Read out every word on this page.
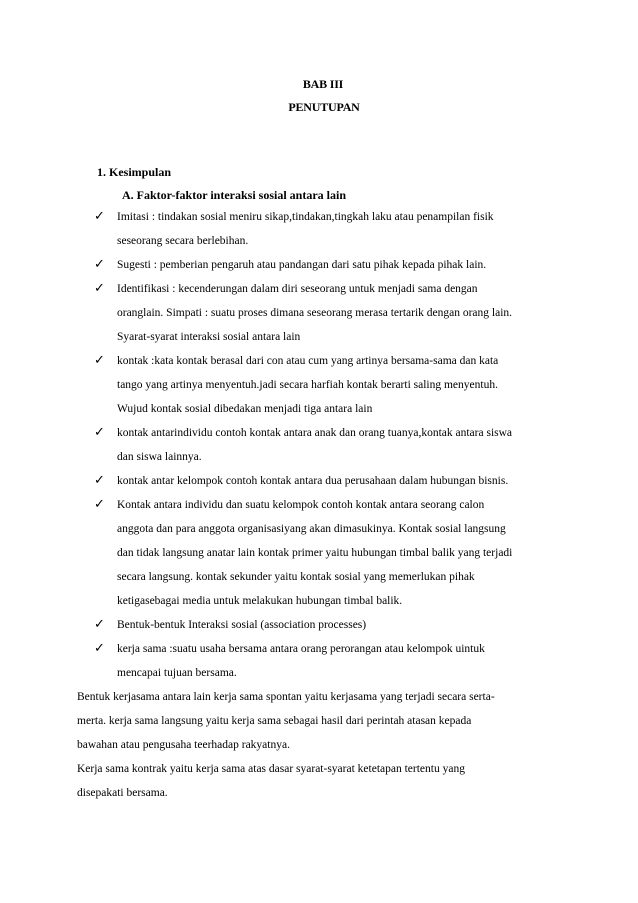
BAB III
PENUTUPAN
1. Kesimpulan
A. Faktor-faktor interaksi sosial antara lain
✓ Imitasi : tindakan sosial meniru sikap,tindakan,tingkah laku atau penampilan fisik
seseorang secara berlebihan.
✓ Sugesti : pemberian pengaruh atau pandangan dari satu pihak kepada pihak lain.
✓ Identifikasi : kecenderungan dalam diri seseorang untuk menjadi sama dengan
oranglain. Simpati : suatu proses dimana seseorang merasa tertarik dengan orang lain.
Syarat-syarat interaksi sosial antara lain
✓ kontak :kata kontak berasal dari con atau cum yang artinya bersama-sama dan kata
tango yang artinya menyentuh.jadi secara harfiah kontak berarti saling menyentuh.
Wujud kontak sosial dibedakan menjadi tiga antara lain
✓ kontak antarindividu contoh kontak antara anak dan orang tuanya,kontak antara siswa
dan siswa lainnya.
✓ kontak antar kelompok contoh kontak antara dua perusahaan dalam hubungan bisnis.
✓ Kontak antara individu dan suatu kelompok contoh kontak antara seorang calon
anggota dan para anggota organisasiyang akan dimasukinya. Kontak sosial langsung
dan tidak langsung anatar lain kontak primer yaitu hubungan timbal balik yang terjadi
secara langsung. kontak sekunder yaitu kontak sosial yang memerlukan pihak
ketigasebagai media untuk melakukan hubungan timbal balik.
✓ Bentuk-bentuk Interaksi sosial (association processes)
✓ kerja sama :suatu usaha bersama antara orang perorangan atau kelompok uintuk
mencapai tujuan bersama.
Bentuk kerjasama antara lain kerja sama spontan yaitu kerjasama yang terjadi secara serta-
merta. kerja sama langsung yaitu kerja sama sebagai hasil dari perintah atasan kepada
bawahan atau pengusaha teerhadap rakyatnya.
Kerja sama kontrak yaitu kerja sama atas dasar syarat-syarat ketetapan tertentu yang
disepakati bersama.
